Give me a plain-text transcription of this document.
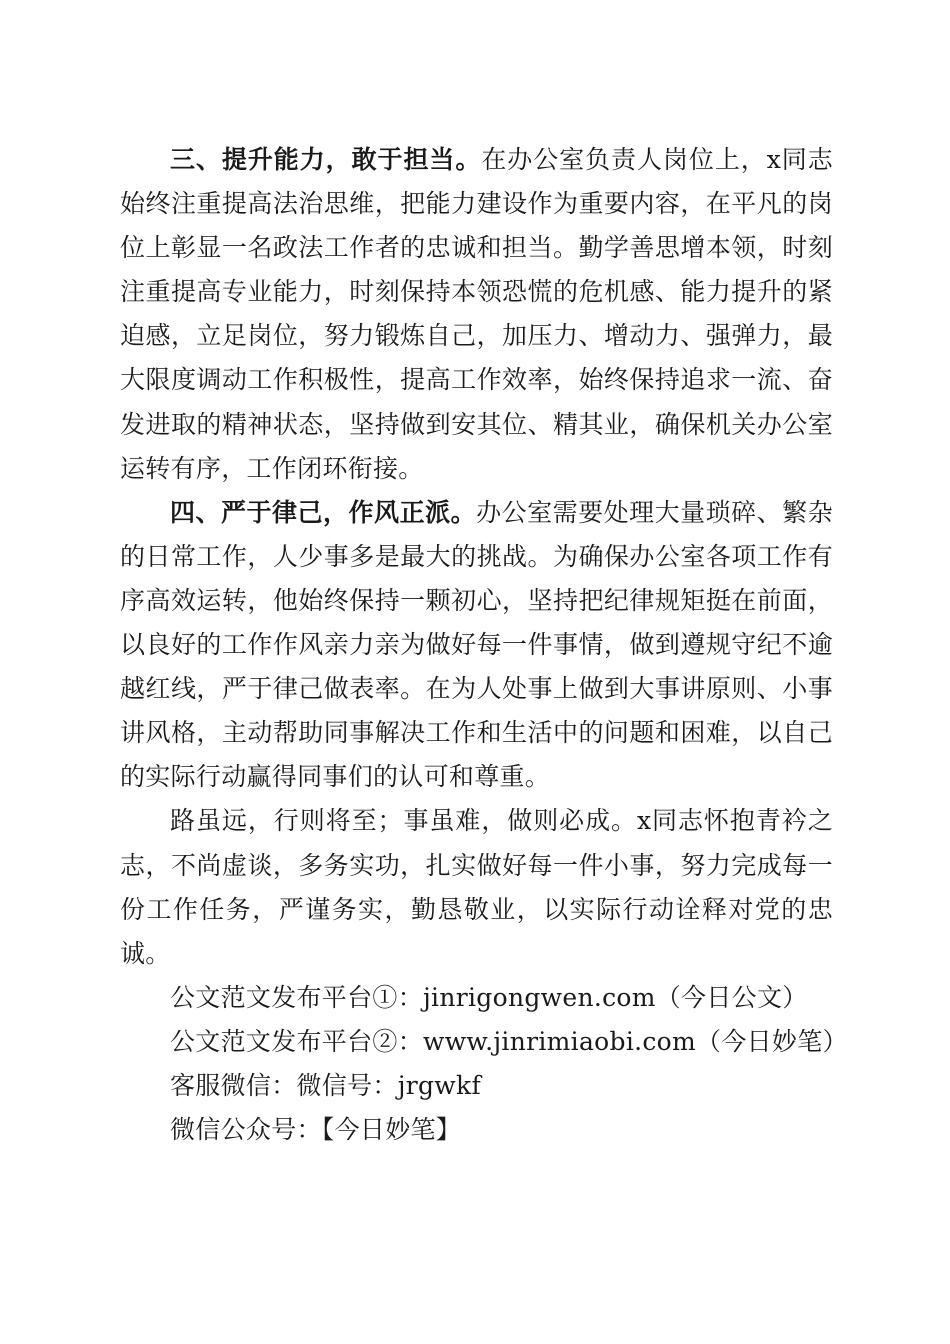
三、提升能力，敢于担当。在办公室负责人岗位上，x同志始终注重提高法治思维，把能力建设作为重要内容，在平凡的岗位上彰显一名政法工作者的忠诚和担当。勤学善思增本领，时刻注重提高专业能力，时刻保持本领恐慌的危机感、能力提升的紧迫感，立足岗位，努力锻炼自己，加压力、增动力、强弹力，最大限度调动工作积极性，提高工作效率，始终保持追求一流、奋发进取的精神状态，坚持做到安其位、精其业，确保机关办公室运转有序，工作闭环衔接。

四、严于律己，作风正派。办公室需要处理大量琐碎、繁杂的日常工作，人少事多是最大的挑战。为确保办公室各项工作有序高效运转，他始终保持一颗初心，坚持把纪律规矩挺在前面，以良好的工作作风亲力亲为做好每一件事情，做到遵规守纪不逾越红线，严于律己做表率。在为人处事上做到大事讲原则、小事讲风格，主动帮助同事解决工作和生活中的问题和困难，以自己的实际行动赢得同事们的认可和尊重。

路虽远，行则将至；事虽难，做则必成。x同志怀抱青衿之志，不尚虚谈，多务实功，扎实做好每一件小事，努力完成每一份工作任务，严谨务实，勤恳敬业，以实际行动诠释对党的忠诚。

公文范文发布平台①：jinrigongwen.com（今日公文）

公文范文发布平台②：www.jinrimiaobi.com（今日妙笔）

客服微信：微信号：jrgwkf

微信公众号：【今日妙笔】
